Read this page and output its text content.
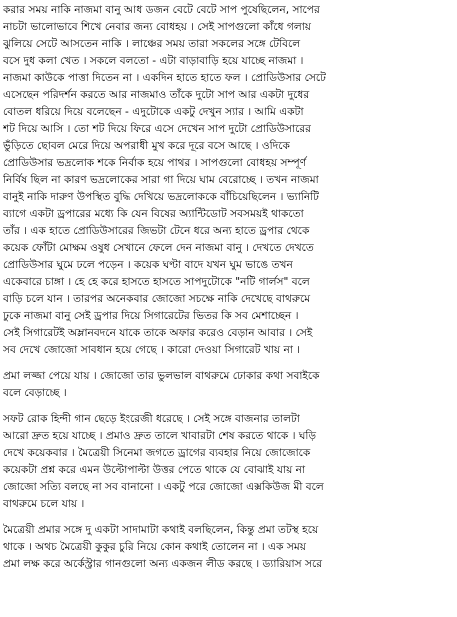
করার সময় নাকি নাজমা বানু আধ ডজন বেটে বেটে সাপ পুষেছিলেন, সাপের
নাচটা ভালোভাবে শিখে নেবার জন্য বোধহয় । সেই সাপগুলো কাঁধে গলায়
ঝুলিয়ে সেটে আসতেন নাকি । লাঞ্চের সময় তারা সকলের সঙ্গে টেবিলে
বসে দুধ কলা খেত । সকলে বলতো - এটা বাড়াবাড়ি হয়ে যাচ্ছে নাজমা ।
নাজমা কাউকে পাত্তা দিতেন না । একদিন হাতে হাতে ফল । প্রোডিউসার সেটে
এসেছেন পরিদর্শন করতে আর নাজমাও তাঁকে দুটো সাপ আর একটা দুধের
বোতল ধরিয়ে দিয়ে বলেছেন - এদুটোকে একটু দেখুন স্যার । আমি একটা
শট দিয়ে আসি । তো শট দিয়ে ফিরে এসে দেখেন সাপ দুটো প্রোডিউসারের
ভুঁড়িতে ছোবল মেরে দিয়ে অপরাধী মুখ করে দূরে বসে আছে । ওদিকে
প্রোডিউসার ভদ্রলোক শকে নির্বাক হয়ে পাথর । সাপগুলো বোধহয় সম্পূর্ণ
নির্বিষ ছিল না কারণ ভদ্রলোকের সারা গা দিয়ে ঘাম বেরোচ্ছে । তখন নাজমা
বানুই নাকি দারুণ উপস্থিত বুদ্ধি দেখিয়ে ভদ্রলোককে বাঁচিয়েছিলেন । ভ্যানিটি
ব্যাগে একটা ড্রপারের মধ্যে কি যেন বিষের অ্যান্টিডোট সবসময়ই থাকতো
তাঁর । এক হাতে প্রোডিউসারের জিভটা টেনে ধরে অন্য হাতে ড্রপার থেকে
কয়েক ফোঁটা মোক্ষম ওষুধ সেখানে ফেলে দেন নাজমা বানু । দেখতে দেখতে
প্রোডিউসার ঘুমে ঢলে পড়েন । কয়েক ঘণ্টা বাদে যখন ঘুম ভাঙে তখন
একেবারে চাঙ্গা । হে হে করে হাসতে হাসতে সাপদুটোকে "নটি গার্লস" বলে
বাড়ি চলে যান । তারপর অনেকবার জোজো সচক্ষে নাকি দেখেছে বাথরুমে
ঢুকে নাজমা বানু সেই ড্রপার দিয়ে সিগারেটের ভিতর কি সব মেশাচ্ছেন ।
সেই সিগারেটই অম্লানবদনে যাকে তাকে অফার করেও বেড়ান আবার । সেই
সব দেখে জোজো সাবধান হয়ে গেছে । কারো দেওয়া সিগারেট খায় না ।
প্রমা লজ্জা পেয়ে যায় । জোজো তার ভুলভাল বাথরুমে ঢোকার কথা সবাইকে
বলে বেড়াচ্ছে ।
সফট রোক হিন্দী গান ছেড়ে ইংরেজী ধরেছে । সেই সঙ্গে বাজনার তালটা
আরো দ্রুত হয়ে যাচ্ছে । প্রমাও দ্রুত তালে খাবারটা শেষ করতে থাকে । ঘড়ি
দেখে কয়েকবার । মৈত্রেয়ী সিনেমা জগতে ড্রাগের ব্যবহার নিয়ে জোজোকে
কয়েকটা প্রশ্ন করে এমন উল্টোপাল্টা উত্তর পেতে থাকে যে বোঝাই যায় না
জোজো সত্যি বলছে না সব বানানো । একটু পরে জোজো এক্সকিউজ মী বলে
বাথরুমে চলে যায় ।
মৈত্রেয়ী প্রমার সঙ্গে দু একটা সাদামাটা কথাই বলছিলেন, কিন্তু প্রমা তটস্থ হয়ে
থাকে । অথচ মৈত্রেয়ী কুকুর চুরি নিয়ে কোন কথাই তোলেন না । এক সময়
প্রমা লক্ষ করে অর্কেস্ট্রার গানগুলো অন্য একজন লীড করছে । ড্যারিয়াস সরে
